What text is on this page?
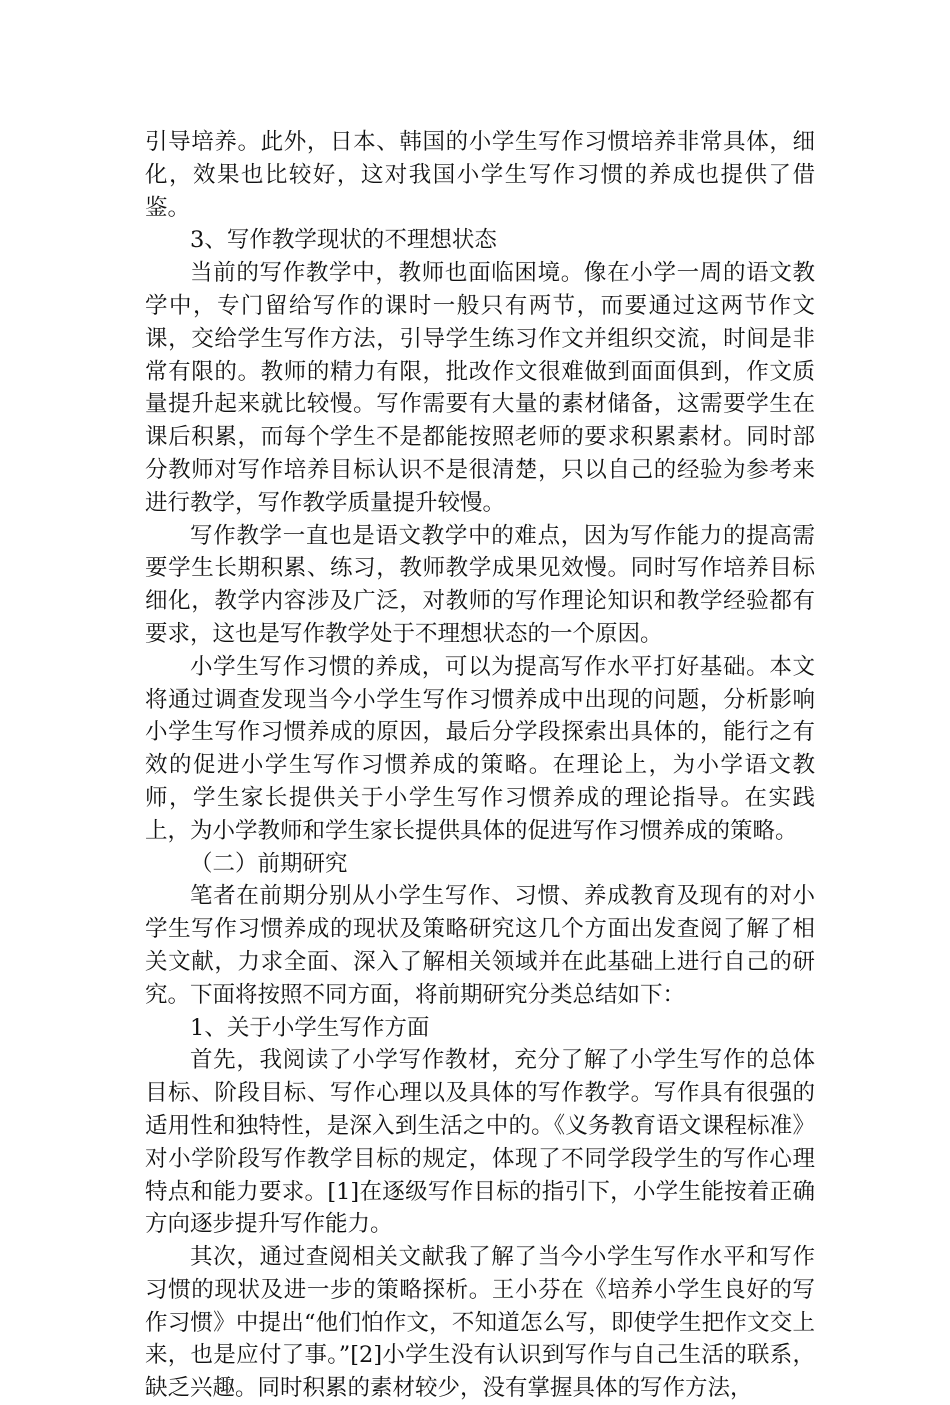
引导培养。此外，日本、韩国的小学生写作习惯培养非常具体，细化，效果也比较好，这对我国小学生写作习惯的养成也提供了借鉴。

3、写作教学现状的不理想状态

当前的写作教学中，教师也面临困境。像在小学一周的语文教学中，专门留给写作的课时一般只有两节，而要通过这两节作文课，交给学生写作方法，引导学生练习作文并组织交流，时间是非常有限的。教师的精力有限，批改作文很难做到面面俱到，作文质量提升起来就比较慢。写作需要有大量的素材储备，这需要学生在课后积累，而每个学生不是都能按照老师的要求积累素材。同时部分教师对写作培养目标认识不是很清楚，只以自己的经验为参考来进行教学，写作教学质量提升较慢。

写作教学一直也是语文教学中的难点，因为写作能力的提高需要学生长期积累、练习，教师教学成果见效慢。同时写作培养目标细化，教学内容涉及广泛，对教师的写作理论知识和教学经验都有要求，这也是写作教学处于不理想状态的一个原因。

小学生写作习惯的养成，可以为提高写作水平打好基础。本文将通过调查发现当今小学生写作习惯养成中出现的问题，分析影响小学生写作习惯养成的原因，最后分学段探索出具体的，能行之有效的促进小学生写作习惯养成的策略。在理论上，为小学语文教师，学生家长提供关于小学生写作习惯养成的理论指导。在实践上，为小学教师和学生家长提供具体的促进写作习惯养成的策略。

（二）前期研究

笔者在前期分别从小学生写作、习惯、养成教育及现有的对小学生写作习惯养成的现状及策略研究这几个方面出发查阅了解了相关文献，力求全面、深入了解相关领域并在此基础上进行自己的研究。下面将按照不同方面，将前期研究分类总结如下：

1、关于小学生写作方面

首先，我阅读了小学写作教材，充分了解了小学生写作的总体目标、阶段目标、写作心理以及具体的写作教学。写作具有很强的适用性和独特性，是深入到生活之中的。《义务教育语文课程标准》对小学阶段写作教学目标的规定，体现了不同学段学生的写作心理特点和能力要求。[1]在逐级写作目标的指引下，小学生能按着正确方向逐步提升写作能力。

其次，通过查阅相关文献我了解了当今小学生写作水平和写作习惯的现状及进一步的策略探析。王小芬在《培养小学生良好的写作习惯》中提出“他们怕作文，不知道怎么写，即使学生把作文交上来，也是应付了事。”[2]小学生没有认识到写作与自己生活的联系，缺乏兴趣。同时积累的素材较少，没有掌握具体的写作方法，
